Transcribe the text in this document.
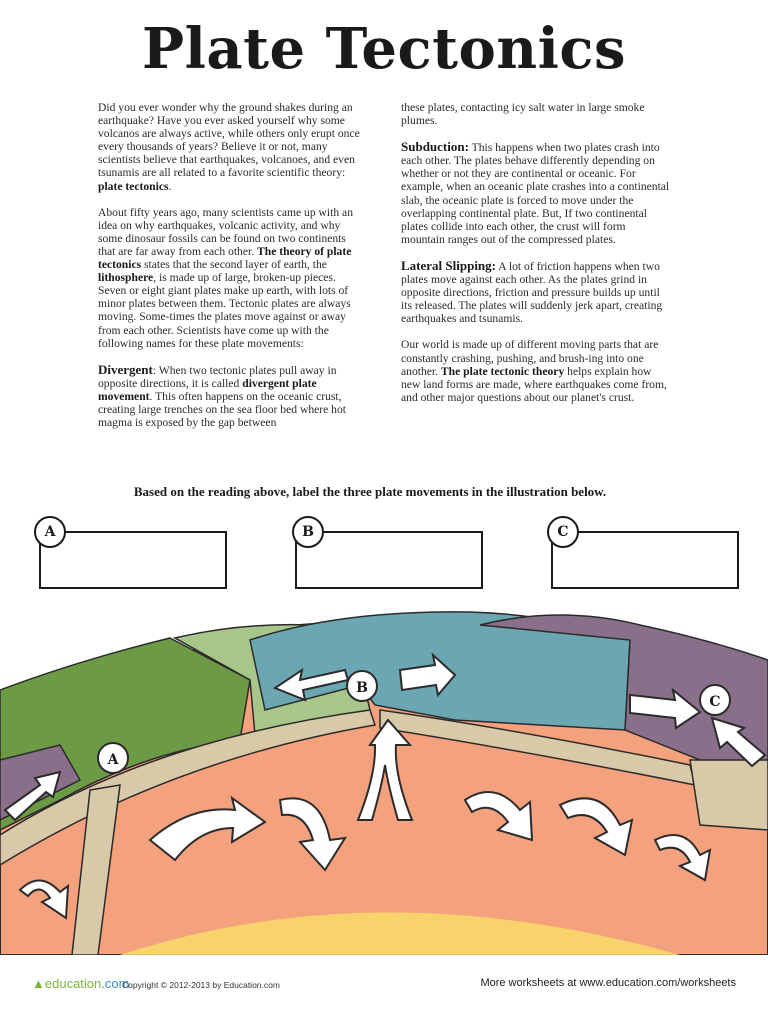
Plate Tectonics

Did you ever wonder why the ground shakes during an earthquake? Have you ever asked yourself why some volcanos are always active, while others only erupt once every thousands of years? Believe it or not, many scientists believe that earthquakes, volcanoes, and even tsunamis are all related to a favorite scientific theory: plate tectonics.

About fifty years ago, many scientists came up with an idea on why earthquakes, volcanic activity, and why some dinosaur fossils can be found on two continents that are far away from each other. The theory of plate tectonics states that the second layer of earth, the lithosphere, is made up of large, broken-up pieces. Seven or eight giant plates make up earth, with lots of minor plates between them. Tectonic plates are always moving. Some-times the plates move against or away from each other. Scientists have come up with the following names for these plate movements:

Divergent: When two tectonic plates pull away in opposite directions, it is called divergent plate movement. This often happens on the oceanic crust, creating large trenches on the sea floor bed where hot magma is exposed by the gap between

these plates, contacting icy salt water in large smoke plumes.

Subduction: This happens when two plates crash into each other. The plates behave differently depending on whether or not they are continental or oceanic. For example, when an oceanic plate crashes into a continental slab, the oceanic plate is forced to move under the overlapping continental plate. But, If two continental plates collide into each other, the crust will form mountain ranges out of the compressed plates.

Lateral Slipping: A lot of friction happens when two plates move against each other. As the plates grind in opposite directions, friction and pressure builds up until its released. The plates will suddenly jerk apart, creating earthquakes and tsunamis.

Our world is made up of different moving parts that are constantly crashing, pushing, and brush-ing into one another. The plate tectonic theory helps explain how new land forms are made, where earthquakes come from, and other major questions about our planet's crust.

Based on the reading above, label the three plate movements in the illustration below.
A	B	C
A
B
C
▲education.com
Copyright © 2012-2013 by Education.com	More worksheets at www.education.com/worksheets
